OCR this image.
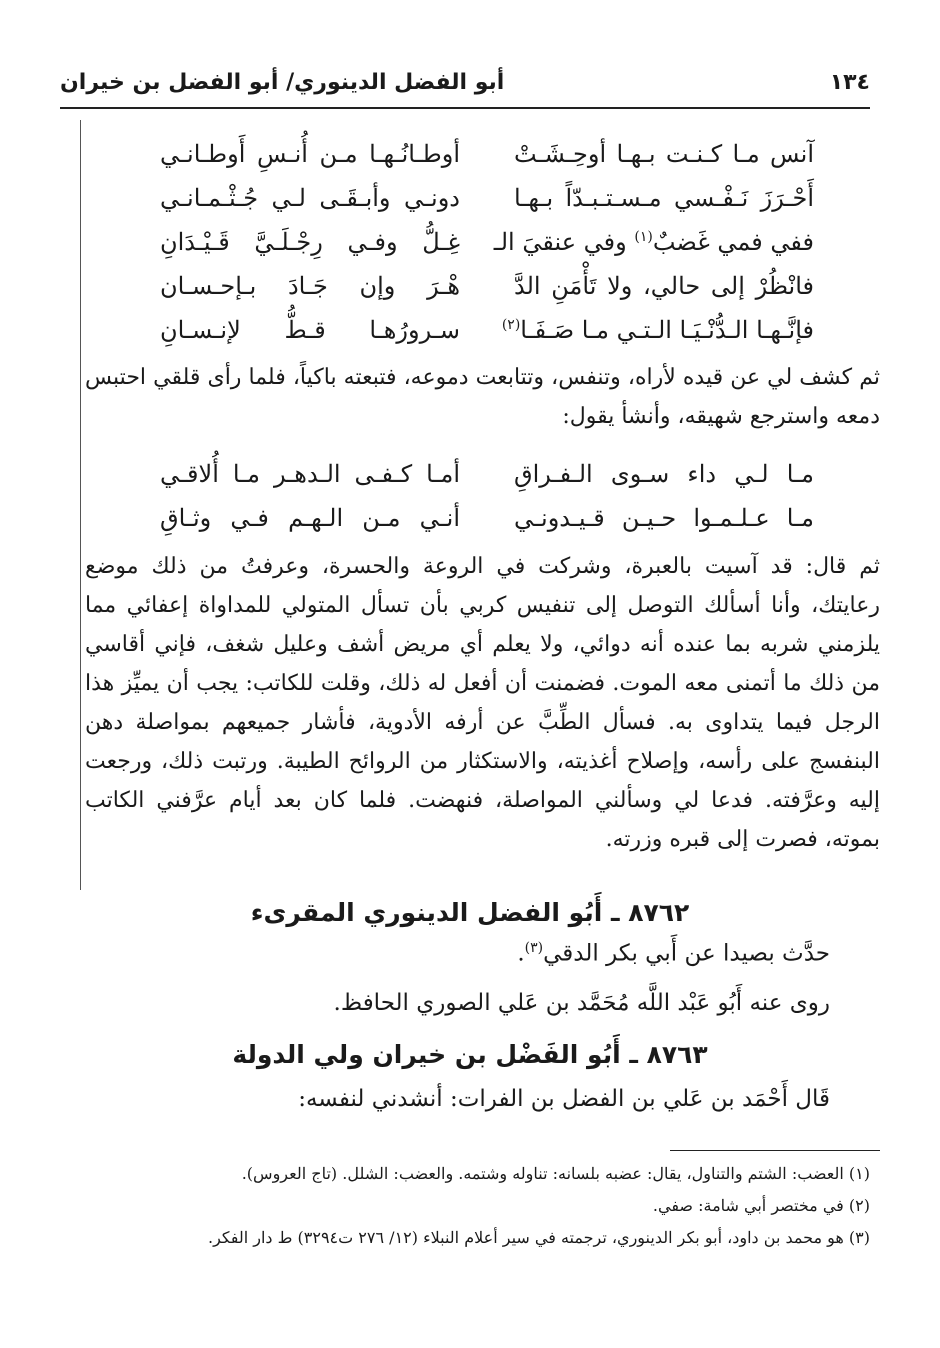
١٣٤
أبو الفضل الدينوري/ أبو الفضل بن خيران
آنس مـا كـنـت بـهـا أوحِـشَـتْ
أوطـانُـهـا مـن أُنـسِ أَوطـانـي
أَحْـرَزَ نَـفْـسي مـسـتـبـدّاً بـهـا
دونـي وأبـقَـى لـي جُـثْـمـانـي
ففي فمي غَضبٌ$^{(١)}$ وفي عنقيَ الـ
غِـلُّ وفـي رِجْـلَـيَّ قَـيْـدَانِ
فانْظُرْ إلى حالي، ولا تَأْمَنِ الدَّ
هْـرَ وإن جَـادَ بـإحـسـان
فإنَّـهـا الـدُّنْـيَـا الـتـي مـا صَـفَـا$^{(٢)}$
سـرورُهـا قـطُّ لإنـسـانِ

ثم كشف لي عن قيده لأراه، وتنفس، وتتابعت دموعه، فتبعته باكياً، فلما رأى قلقي احتبس دمعه واسترجع شهيقه، وأنشأ يقول:

مـا لـي داء سـوى الـفـراقِ
أمـا كـفـى الـدهـر مـا أُلاقـي
مـا عـلـمـوا حـيـن قـيـدونـي
أنـي مـن الـهـم فـي وثـاقِ

ثم قال: قد آسيت بالعبرة، وشركت في الروعة والحسرة، وعرفتُ من ذلك موضع رعايتك، وأنا أسألك التوصل إلى تنفيس كربي بأن تسأل المتولي للمداواة إعفائي مما يلزمني شربه بما عنده أنه دوائي، ولا يعلم أي مريض أشف وعليل شغف، فإني أقاسي من ذلك ما أتمنى معه الموت. فضمنت أن أفعل له ذلك، وقلت للكاتب: يجب أن يميِّز هذا الرجل فيما يتداوى به. فسأل الطِّبَّ عن أرفه الأدوية، فأشار جميعهم بمواصلة دهن البنفسج على رأسه، وإصلاح أغذيته، والاستكثار من الروائح الطيبة. ورتبت ذلك، ورجعت إليه وعرَّفته. فدعا لي وسألني المواصلة، فنهضت. فلما كان بعد أيام عرَّفني الكاتب بموته، فصرت إلى قبره وزرته.

٨٧٦٢ ـ أَبُو الفضل الدينوري المقرىء
حدَّث بصيدا عن أَبي بكر الدقي$^{(٣)}$.
روى عنه أَبُو عَبْد اللَّه مُحَمَّد بن عَلي الصوري الحافظ.
٨٧٦٣ ـ أَبُو الفَضْل بن خيران ولي الدولة
قَال أَحْمَد بن عَلي بن الفضل بن الفرات: أنشدني لنفسه:
(١) العضب: الشتم والتناول، يقال: عضبه بلسانه: تناوله وشتمه. والعضب: الشلل. (تاج العروس).
(٢) في مختصر أبي شامة: صفي.
(٣) هو محمد بن داود، أبو بكر الدينوري، ترجمته في سير أعلام النبلاء (١٢/ ٢٧٦ ت٣٢٩٤) ط دار الفكر.
